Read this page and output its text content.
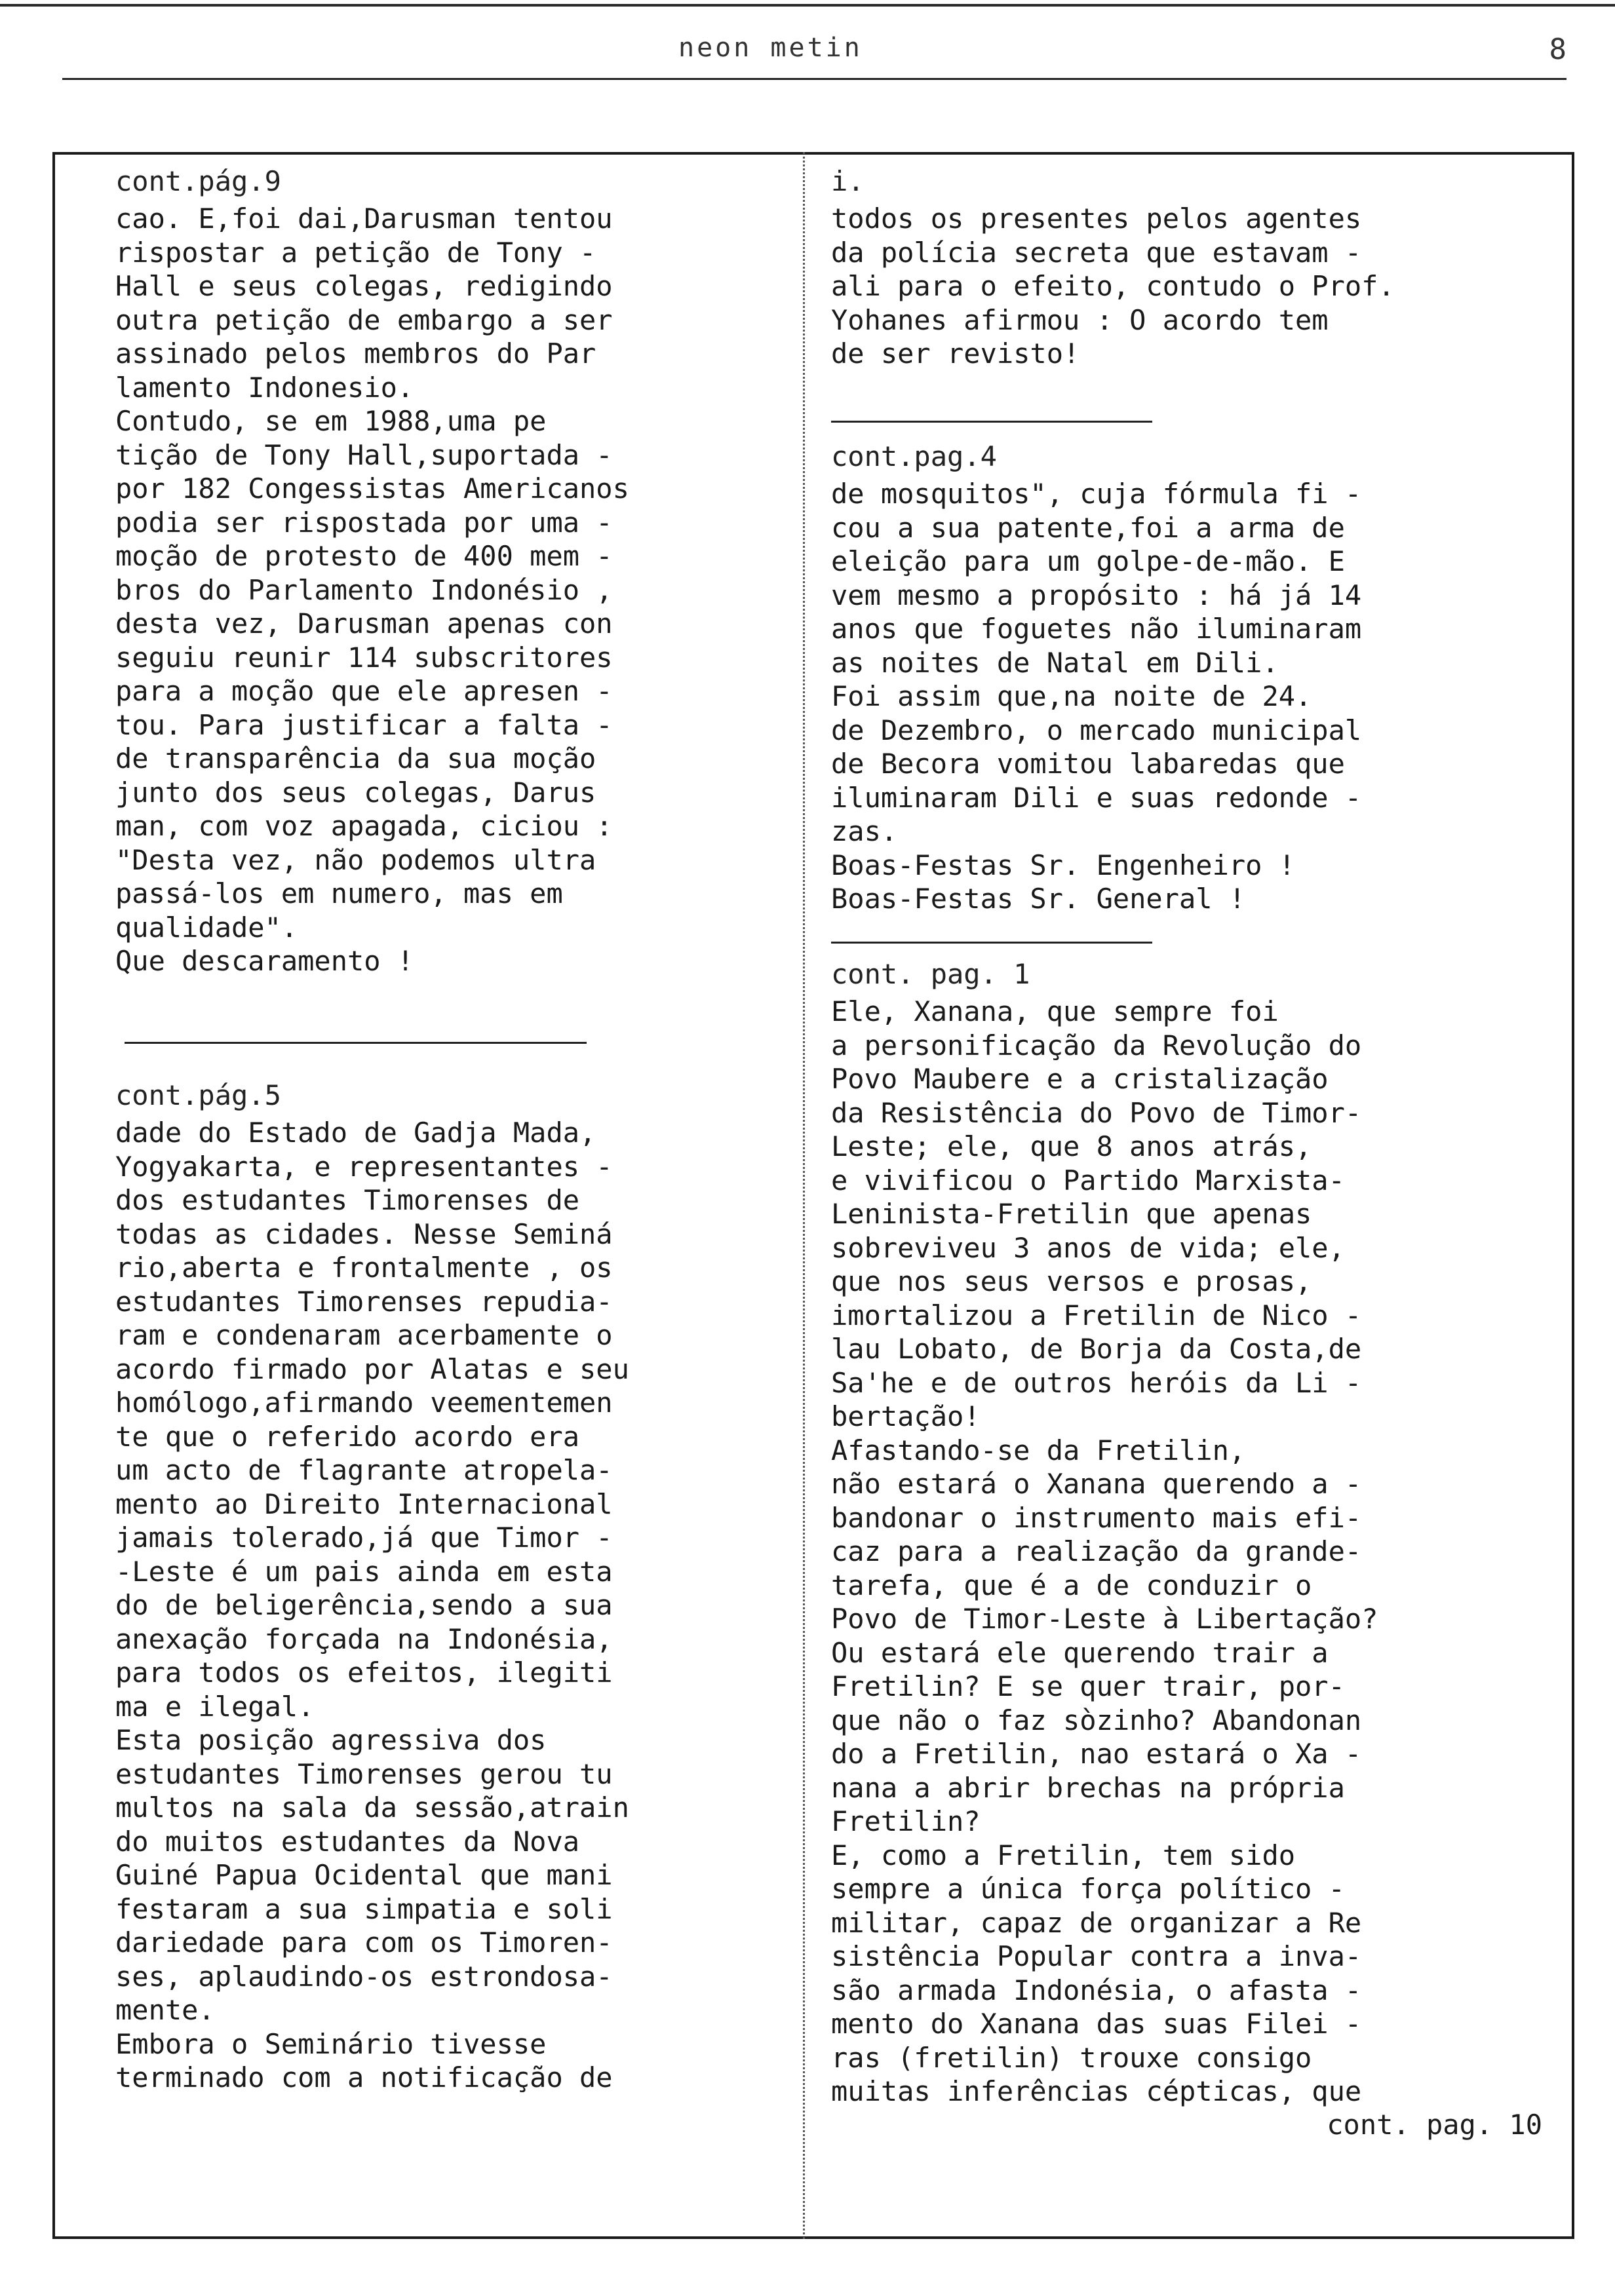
neon metin	8

cont.pág.9

cao. E,foi dai,Darusman tentou
rispostar a petição de Tony -
Hall e seus colegas, redigindo
outra petição de embargo a ser
assinado pelos membros do Par
lamento Indonesio.
Contudo, se em 1988,uma pe
tição de Tony Hall,suportada -
por 182 Congessistas Americanos
podia ser rispostada por uma -
moção de protesto de 400 mem -
bros do Parlamento Indonésio ,
desta vez, Darusman apenas con
seguiu reunir 114 subscritores
para a moção que ele apresen -
tou. Para justificar a falta -
de transparência da sua moção
junto dos seus colegas, Darus
man, com voz apagada, ciciou :
"Desta vez, não podemos ultra
passá-los em numero, mas em
qualidade".
Que descaramento !

cont.pág.5

dade do Estado de Gadja Mada,
Yogyakarta, e representantes -
dos estudantes Timorenses de
todas as cidades. Nesse Seminá
rio,aberta e frontalmente , os
estudantes Timorenses repudia-
ram e condenaram acerbamente o
acordo firmado por Alatas e seu
homólogo,afirmando veementemen
te que o referido acordo era
um acto de flagrante atropela-
mento ao Direito Internacional
jamais tolerado,já que Timor -
-Leste é um pais ainda em esta
do de beligerência,sendo a sua
anexação forçada na Indonésia,
para todos os efeitos, ilegiti
ma e ilegal.
Esta posição agressiva dos
estudantes Timorenses gerou tu
multos na sala da sessão,atrain
do muitos estudantes da Nova
Guiné Papua Ocidental que mani
festaram a sua simpatia e soli
dariedade para com os Timoren-
ses, aplaudindo-os estrondosa-
mente.
Embora o Seminário tivesse
terminado com a notificação de

i.

todos os presentes pelos agentes
da polícia secreta que estavam -
ali para o efeito, contudo o Prof.
Yohanes afirmou : O acordo tem
de ser revisto!

cont.pag.4

de mosquitos", cuja fórmula fi -
cou a sua patente,foi a arma de
eleição para um golpe-de-mão. E
vem mesmo a propósito : há já 14
anos que foguetes não iluminaram
as noites de Natal em Dili.
Foi assim que,na noite de 24.
de Dezembro, o mercado municipal
de Becora vomitou labaredas que
iluminaram Dili e suas redonde -
zas.
Boas-Festas Sr. Engenheiro !
Boas-Festas Sr. General !

cont. pag. 1

Ele, Xanana, que sempre foi
a personificação da Revolução do
Povo Maubere e a cristalização
da Resistência do Povo de Timor-
Leste; ele, que 8 anos atrás,
e vivificou o Partido Marxista-
Leninista-Fretilin que apenas
sobreviveu 3 anos de vida; ele,
que nos seus versos e prosas,
imortalizou a Fretilin de Nico -
lau Lobato, de Borja da Costa,de
Sa'he e de outros heróis da Li -
bertação!
Afastando-se da Fretilin,
não estará o Xanana querendo a -
bandonar o instrumento mais efi-
caz para a realização da grande-
tarefa, que é a de conduzir o
Povo de Timor-Leste à Libertação?
Ou estará ele querendo trair a
Fretilin? E se quer trair, por-
que não o faz sòzinho? Abandonan
do a Fretilin, nao estará o Xa -
nana a abrir brechas na própria
Fretilin?
E, como a Fretilin, tem sido
sempre a única força político -
militar, capaz de organizar a Re
sistência Popular contra a inva-
são armada Indonésia, o afasta -
mento do Xanana das suas Filei -
ras (fretilin) trouxe consigo
muitas inferências cépticas, que

cont. pag. 10
